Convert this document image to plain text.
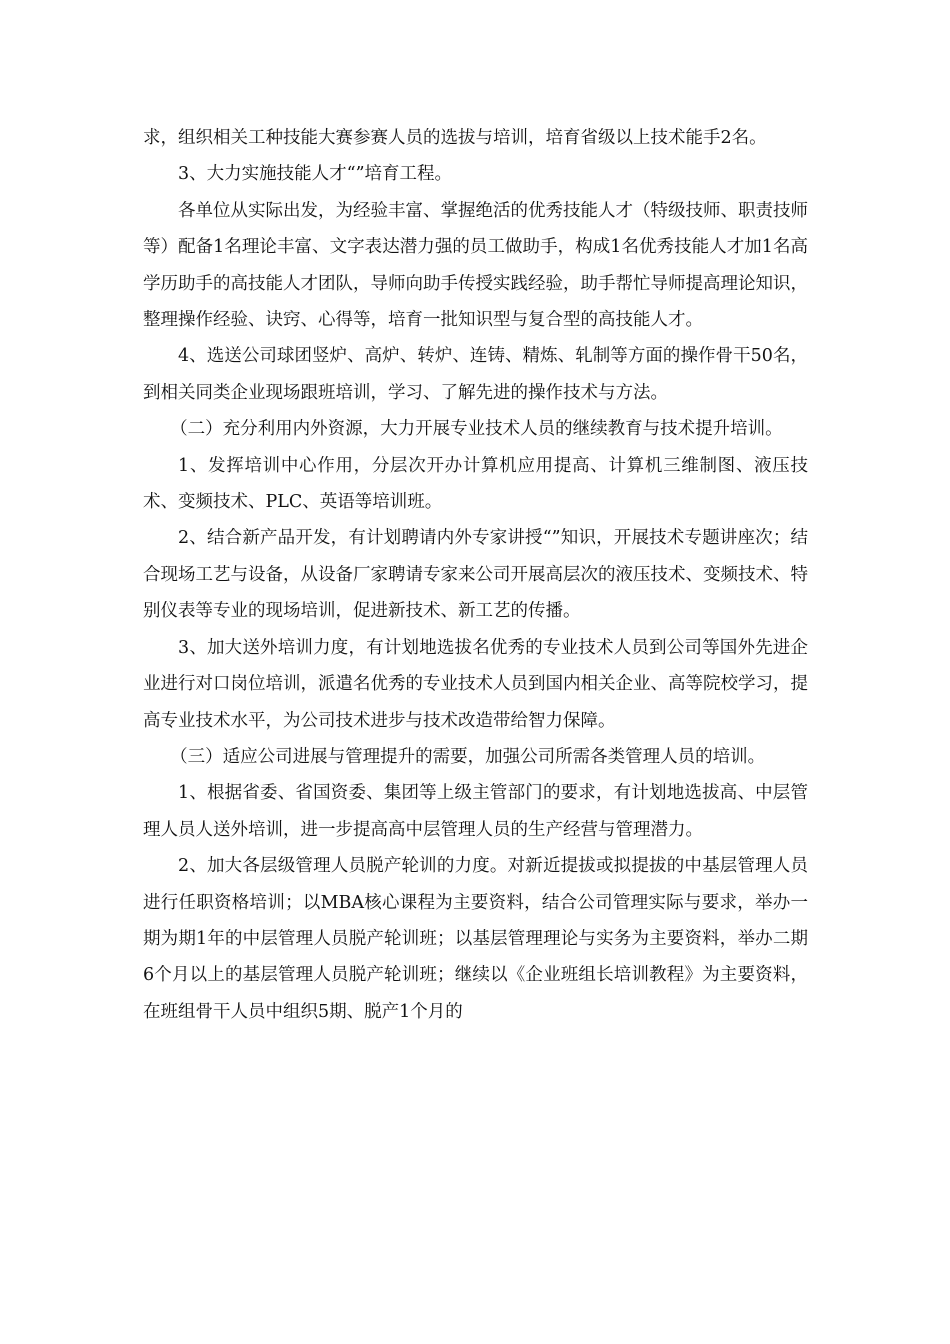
求，组织相关工种技能大赛参赛人员的选拔与培训，培育省级以上技术能手2名。

3、大力实施技能人才“”培育工程。

各单位从实际出发，为经验丰富、掌握绝活的优秀技能人才（特级技师、职责技师等）配备1名理论丰富、文字表达潜力强的员工做助手，构成1名优秀技能人才加1名高学历助手的高技能人才团队，导师向助手传授实践经验，助手帮忙导师提高理论知识，整理操作经验、诀窍、心得等，培育一批知识型与复合型的高技能人才。

4、选送公司球团竖炉、高炉、转炉、连铸、精炼、轧制等方面的操作骨干50名，到相关同类企业现场跟班培训，学习、了解先进的操作技术与方法。

（二）充分利用内外资源，大力开展专业技术人员的继续教育与技术提升培训。

1、发挥培训中心作用，分层次开办计算机应用提高、计算机三维制图、液压技术、变频技术、PLC、英语等培训班。

2、结合新产品开发，有计划聘请内外专家讲授“”知识，开展技术专题讲座次；结合现场工艺与设备，从设备厂家聘请专家来公司开展高层次的液压技术、变频技术、特别仪表等专业的现场培训，促进新技术、新工艺的传播。

3、加大送外培训力度，有计划地选拔名优秀的专业技术人员到公司等国外先进企业进行对口岗位培训，派遣名优秀的专业技术人员到国内相关企业、高等院校学习，提高专业技术水平，为公司技术进步与技术改造带给智力保障。

（三）适应公司进展与管理提升的需要，加强公司所需各类管理人员的培训。

1、根据省委、省国资委、集团等上级主管部门的要求，有计划地选拔高、中层管理人员人送外培训，进一步提高高中层管理人员的生产经营与管理潜力。

2、加大各层级管理人员脱产轮训的力度。对新近提拔或拟提拔的中基层管理人员进行任职资格培训；以MBA核心课程为主要资料，结合公司管理实际与要求，举办一期为期1年的中层管理人员脱产轮训班；以基层管理理论与实务为主要资料，举办二期6个月以上的基层管理人员脱产轮训班；继续以《企业班组长培训教程》为主要资料，在班组骨干人员中组织5期、脱产1个月的
